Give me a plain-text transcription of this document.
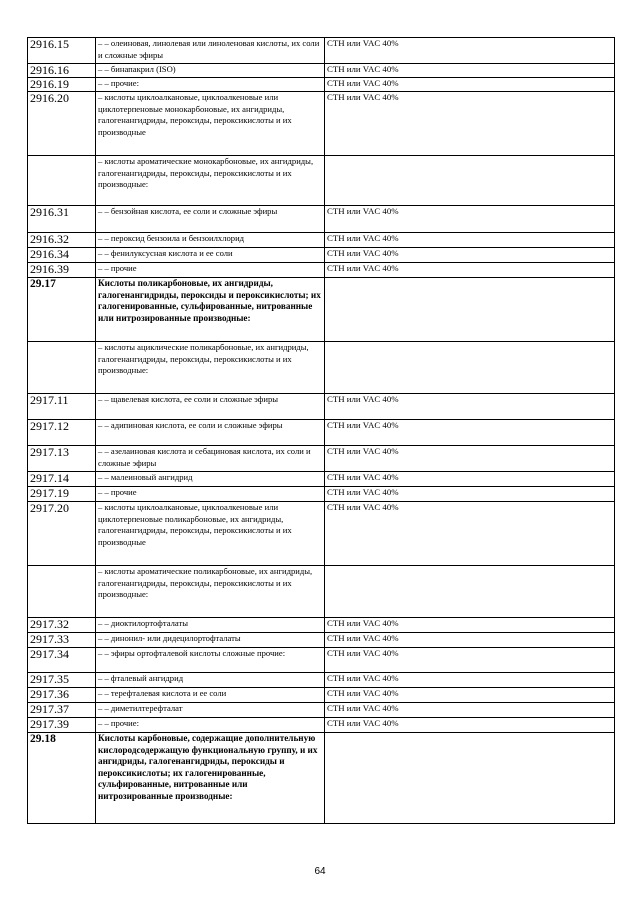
2916.15	– – олеиновая, линолевая или линоленовая кислоты, их соли и сложные эфиры	СТН или VAC 40%
2916.16	– – бинапакрил (ISO)	СТН или VAC 40%
2916.19	– – прочие:	СТН или VAC 40%
2916.20	– кислоты циклоалкановые, циклоалкеновые или циклотерпеновые монокарбоновые, их ангидриды, галогенангидриды, пероксиды, пероксикислоты и их производные	СТН или VAC 40%
	– кислоты ароматические монокарбоновые, их ангидриды, галогенангидриды, пероксиды, пероксикислоты и их производные:	
2916.31	– – бензойная кислота, ее соли и сложные эфиры	СТН или VAC 40%
2916.32	– – пероксид бензоила и бензоилхлорид	СТН или VAC 40%
2916.34	– – фенилуксусная кислота и ее соли	СТН или VAC 40%
2916.39	– – прочие	СТН или VAC 40%
29.17	Кислоты поликарбоновые, их ангидриды, галогенангидриды, пероксиды и пероксикислоты; их галогенированные, сульфированные, нитрованные или нитрозированные производные:	
	– кислоты ациклические поликарбоновые, их ангидриды, галогенангидриды, пероксиды, пероксикислоты и их производные:	
2917.11	– – щавелевая кислота, ее соли и сложные эфиры	СТН или VAC 40%
2917.12	– – адипиновая кислота, ее соли и сложные эфиры	СТН или VAC 40%
2917.13	– – азелаиновая кислота и себациновая кислота, их соли и сложные эфиры	СТН или VAC 40%
2917.14	– – малеиновый ангидрид	СТН или VAC 40%
2917.19	– – прочие	СТН или VAC 40%
2917.20	– кислоты циклоалкановые, циклоалкеновые или циклотерпеновые поликарбоновые, их ангидриды, галогенангидриды, пероксиды, пероксикислоты и их производные	СТН или VAC 40%
	– кислоты ароматические поликарбоновые, их ангидриды, галогенангидриды, пероксиды, пероксикислоты и их производные:	
2917.32	– – диоктилортофталаты	СТН или VAC 40%
2917.33	– – динонил- или дидецилортофталаты	СТН или VAC 40%
2917.34	– – эфиры ортофталевой кислоты сложные прочие:	СТН или VAC 40%
2917.35	– – фталевый ангидрид	СТН или VAC 40%
2917.36	– – терефталевая кислота и ее соли	СТН или VAC 40%
2917.37	– – диметилтерефталат	СТН или VAC 40%
2917.39	– – прочие:	СТН или VAC 40%
29.18	Кислоты карбоновые, содержащие дополнительную кислородсодержащую функциональную группу, и их ангидриды, галогенангидриды, пероксиды и пероксикислоты; их галогенированные, сульфированные, нитрованные или нитрозированные производные:	
64
